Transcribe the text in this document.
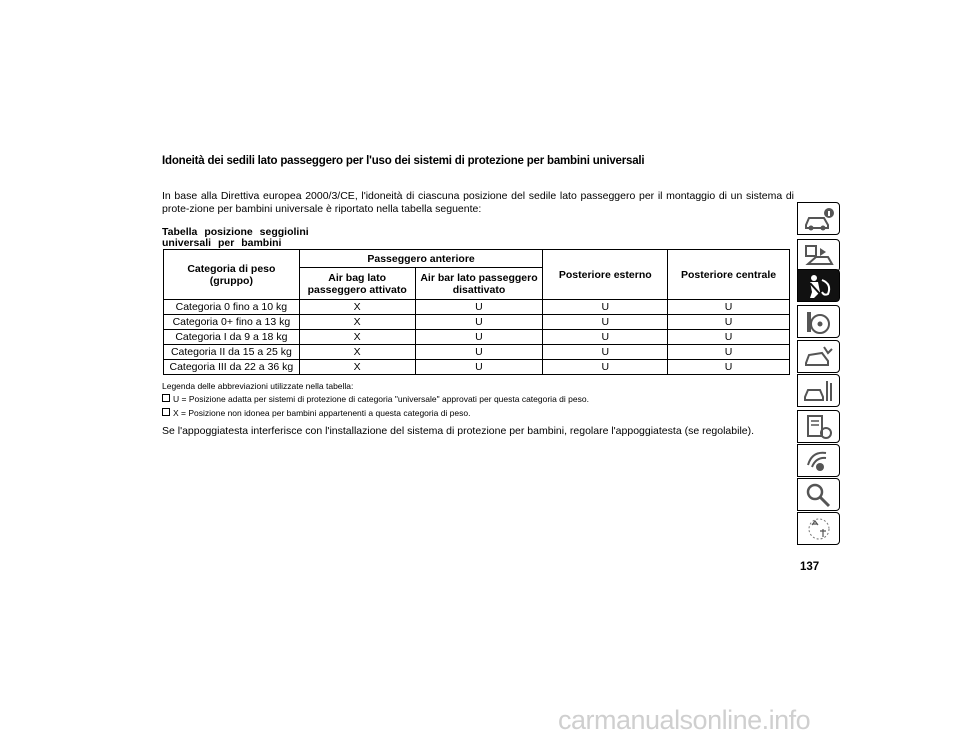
Idoneità dei sedili lato passeggero per l'uso dei sistemi di protezione per bambini universali
In base alla Direttiva europea 2000/3/CE, l'idoneità di ciascuna posizione del sedile lato passeggero per il montaggio di un sistema di prote-zione per bambini universale è riportato nella tabella seguente:
Tabella posizione seggiolini universali per bambini
Categoria di peso (gruppo)	Passeggero anteriore		Posteriore esterno	Posteriore centrale
	Air bag lato passeggero attivato	Air bar lato passeggero disattivato		
Categoria 0 fino a 10 kg	X	U	U	U
Categoria 0+ fino a 13 kg	X	U	U	U
Categoria I da 9 a 18 kg	X	U	U	U
Categoria II da 15 a 25 kg	X	U	U	U
Categoria III da 22 a 36 kg	X	U	U	U
Legenda delle abbreviazioni utilizzate nella tabella:
U = Posizione adatta per sistemi di protezione di categoria "universale" approvati per questa categoria di peso.
X = Posizione non idonea per bambini appartenenti a questa categoria di peso.
Se l'appoggiatesta interferisce con l'installazione del sistema di protezione per bambini, regolare l'appoggiatesta (se regolabile).
137
carmanualsonline.info
